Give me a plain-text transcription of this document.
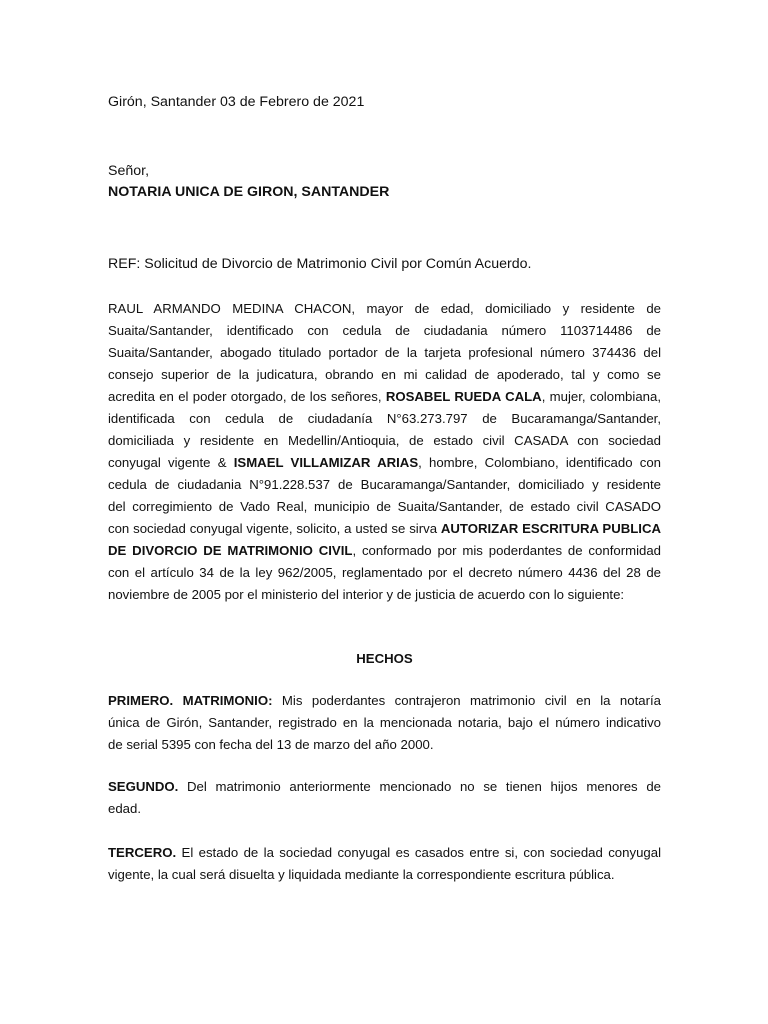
Girón, Santander 03 de Febrero de 2021
Señor,
NOTARIA UNICA DE GIRON, SANTANDER
REF: Solicitud de Divorcio de Matrimonio Civil por Común Acuerdo.
RAUL ARMANDO MEDINA CHACON, mayor de edad, domiciliado y residente de
Suaita/Santander, identificado con cedula de ciudadania número 1103714486 de
Suaita/Santander, abogado titulado portador de la tarjeta profesional número 374436 del
consejo superior de la judicatura, obrando en mi calidad de apoderado, tal y como se
acredita en el poder otorgado, de los señores, ROSABEL RUEDA CALA, mujer, colombiana,
identificada con cedula de ciudadanía N°63.273.797 de Bucaramanga/Santander,
domiciliada y residente en Medellin/Antioquia, de estado civil CASADA con sociedad
conyugal vigente & ISMAEL VILLAMIZAR ARIAS, hombre, Colombiano, identificado con
cedula de ciudadania N°91.228.537 de Bucaramanga/Santander, domiciliado y residente
del corregimiento de Vado Real, municipio de Suaita/Santander, de estado civil CASADO
con sociedad conyugal vigente, solicito, a usted se sirva AUTORIZAR ESCRITURA PUBLICA
DE DIVORCIO DE MATRIMONIO CIVIL, conformado por mis poderdantes de conformidad
con el artículo 34 de la ley 962/2005, reglamentado por el decreto número 4436 del 28 de
noviembre de 2005 por el ministerio del interior y de justicia de acuerdo con lo siguiente:
HECHOS
PRIMERO. MATRIMONIO: Mis poderdantes contrajeron matrimonio civil en la notaría
única de Girón, Santander, registrado en la mencionada notaria, bajo el número indicativo
de serial 5395 con fecha del 13 de marzo del año 2000.
SEGUNDO. Del matrimonio anteriormente mencionado no se tienen hijos menores de
edad.
TERCERO. El estado de la sociedad conyugal es casados entre si, con sociedad conyugal
vigente, la cual será disuelta y liquidada mediante la correspondiente escritura pública.
